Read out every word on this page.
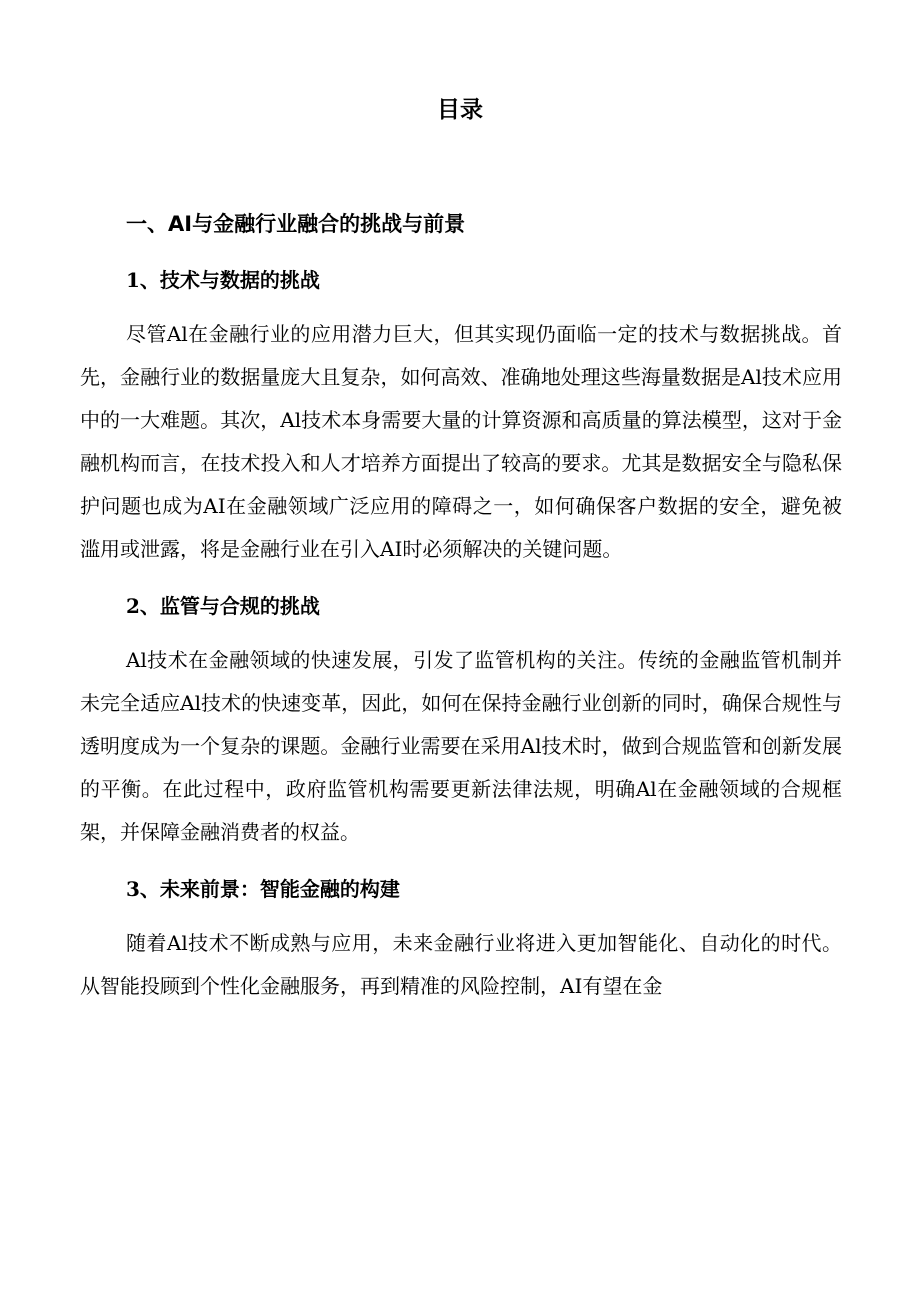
目录
一、AI与金融行业融合的挑战与前景
1、技术与数据的挑战

尽管Al在金融行业的应用潜力巨大，但其实现仍面临一定的技术与数据挑战。首先，金融行业的数据量庞大且复杂，如何高效、准确地处理这些海量数据是Al技术应用中的一大难题。其次，Al技术本身需要大量的计算资源和高质量的算法模型，这对于金融机构而言，在技术投入和人才培养方面提出了较高的要求。尤其是数据安全与隐私保护问题也成为AI在金融领域广泛应用的障碍之一，如何确保客户数据的安全，避免被滥用或泄露，将是金融行业在引入AI时必须解决的关键问题。

2、监管与合规的挑战

Al技术在金融领域的快速发展，引发了监管机构的关注。传统的金融监管机制并未完全适应Al技术的快速变革，因此，如何在保持金融行业创新的同时，确保合规性与透明度成为一个复杂的课题。金融行业需要在采用Al技术时，做到合规监管和创新发展的平衡。在此过程中，政府监管机构需要更新法律法规，明确Al在金融领域的合规框架，并保障金融消费者的权益。

3、未来前景：智能金融的构建

随着Al技术不断成熟与应用，未来金融行业将进入更加智能化、自动化的时代。从智能投顾到个性化金融服务，再到精准的风险控制，AI有望在金
